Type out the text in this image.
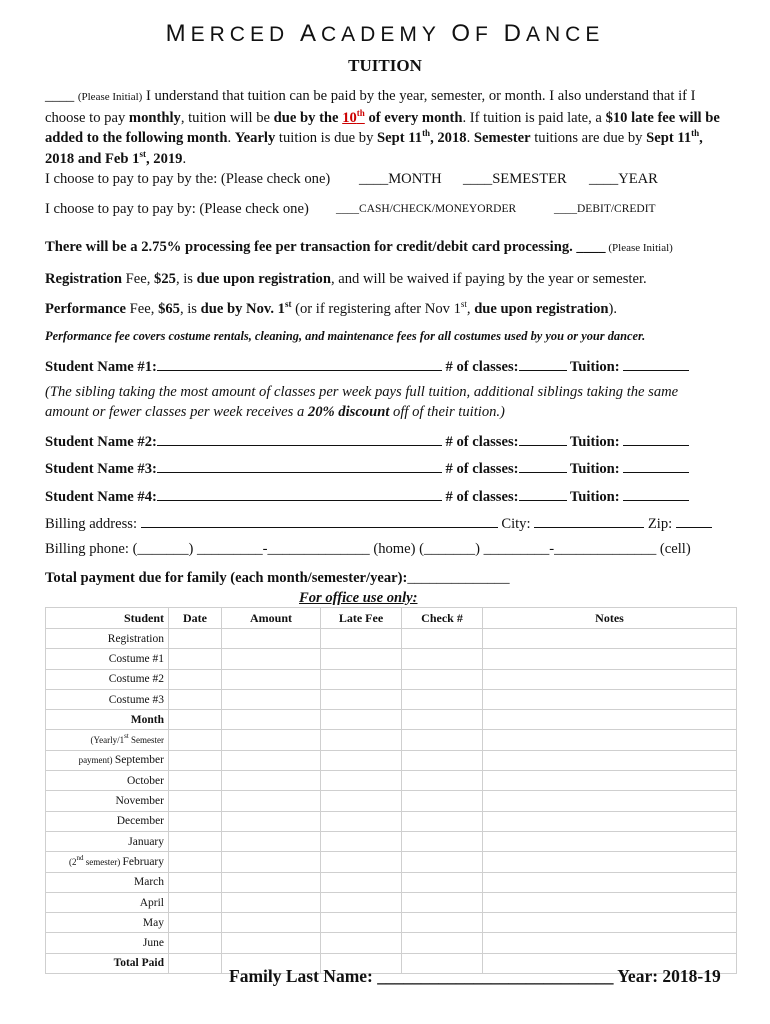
MERCED ACADEMY OF DANCE
TUITION
____ (Please Initial) I understand that tuition can be paid by the year, semester, or month. I also understand that if I choose to pay monthly, tuition will be due by the 10th of every month. If tuition is paid late, a $10 late fee will be added to the following month. Yearly tuition is due by Sept 11th, 2018. Semester tuitions are due by Sept 11th, 2018 and Feb 1st, 2019.
I choose to pay to pay by the: (Please check one) ____MONTH ____SEMESTER ____YEAR
I choose to pay to pay by: (Please check one) ____CASH/CHECK/MONEYORDER	____DEBIT/CREDIT
There will be a 2.75% processing fee per transaction for credit/debit card processing. ____ (Please Initial)
Registration Fee, $25, is due upon registration, and will be waived if paying by the year or semester.
Performance Fee, $65, is due by Nov. 1st (or if registering after Nov 1st, due upon registration).
Performance fee covers costume rentals, cleaning, and maintenance fees for all costumes used by you or your dancer.
Student Name #1:	# of classes:	Tuition:
(The sibling taking the most amount of classes per week pays full tuition, additional siblings taking the same amount or fewer classes per week receives a 20% discount off of their tuition.)
Student Name #2:	# of classes:	Tuition:
Student Name #3:	# of classes:	Tuition:
Student Name #4:	# of classes:	Tuition:
Billing address:	City:	Zip:
Billing phone: (_______) _________-______________ (home) (_______) _________-______________ (cell)
Total payment due for family (each month/semester/year):______________
For office use only:
Student	Date	Amount	Late Fee	Check #	Notes
Registration					
Costume #1					
Costume #2					
Costume #3					
Month					
(Yearly/1st Semester					
payment) September					
October					
November					
December					
January					
(2nd semester) February					
March					
April					
May					
June					
Total Paid					
Family Last Name: ___________________________ Year: 2018-19
